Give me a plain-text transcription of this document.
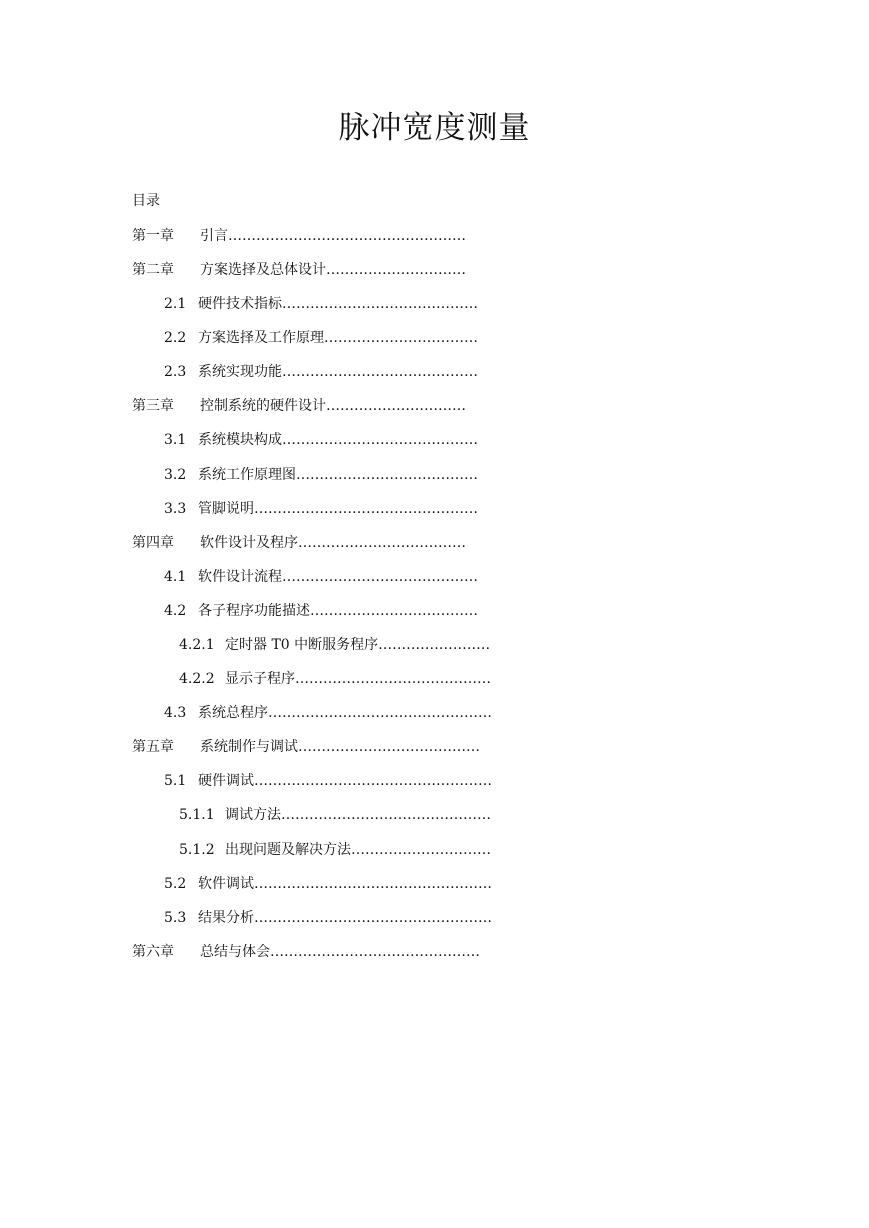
脉冲宽度测量
目录
第一章 引言……………………………………………
第二章 方案选择及总体设计…………………………
2.1 硬件技术指标……………………………………
2.2 方案选择及工作原理……………………………
2.3 系统实现功能……………………………………
第三章 控制系统的硬件设计…………………………
3.1 系统模块构成……………………………………
3.2 系统工作原理图…………………………………
3.3 管脚说明…………………………………………
第四章 软件设计及程序………………………………
4.1 软件设计流程……………………………………
4.2 各子程序功能描述………………………………
4.2.1 定时器 T0 中断服务程序……………………
4.2.2 显示子程序……………………………………
4.3 系统总程序…………………………………………
第五章 系统制作与调试…………………………………
5.1 硬件调试……………………………………………
5.1.1 调试方法………………………………………
5.1.2 出现问题及解决方法…………………………
5.2 软件调试……………………………………………
5.3 结果分析……………………………………………
第六章 总结与体会………………………………………
